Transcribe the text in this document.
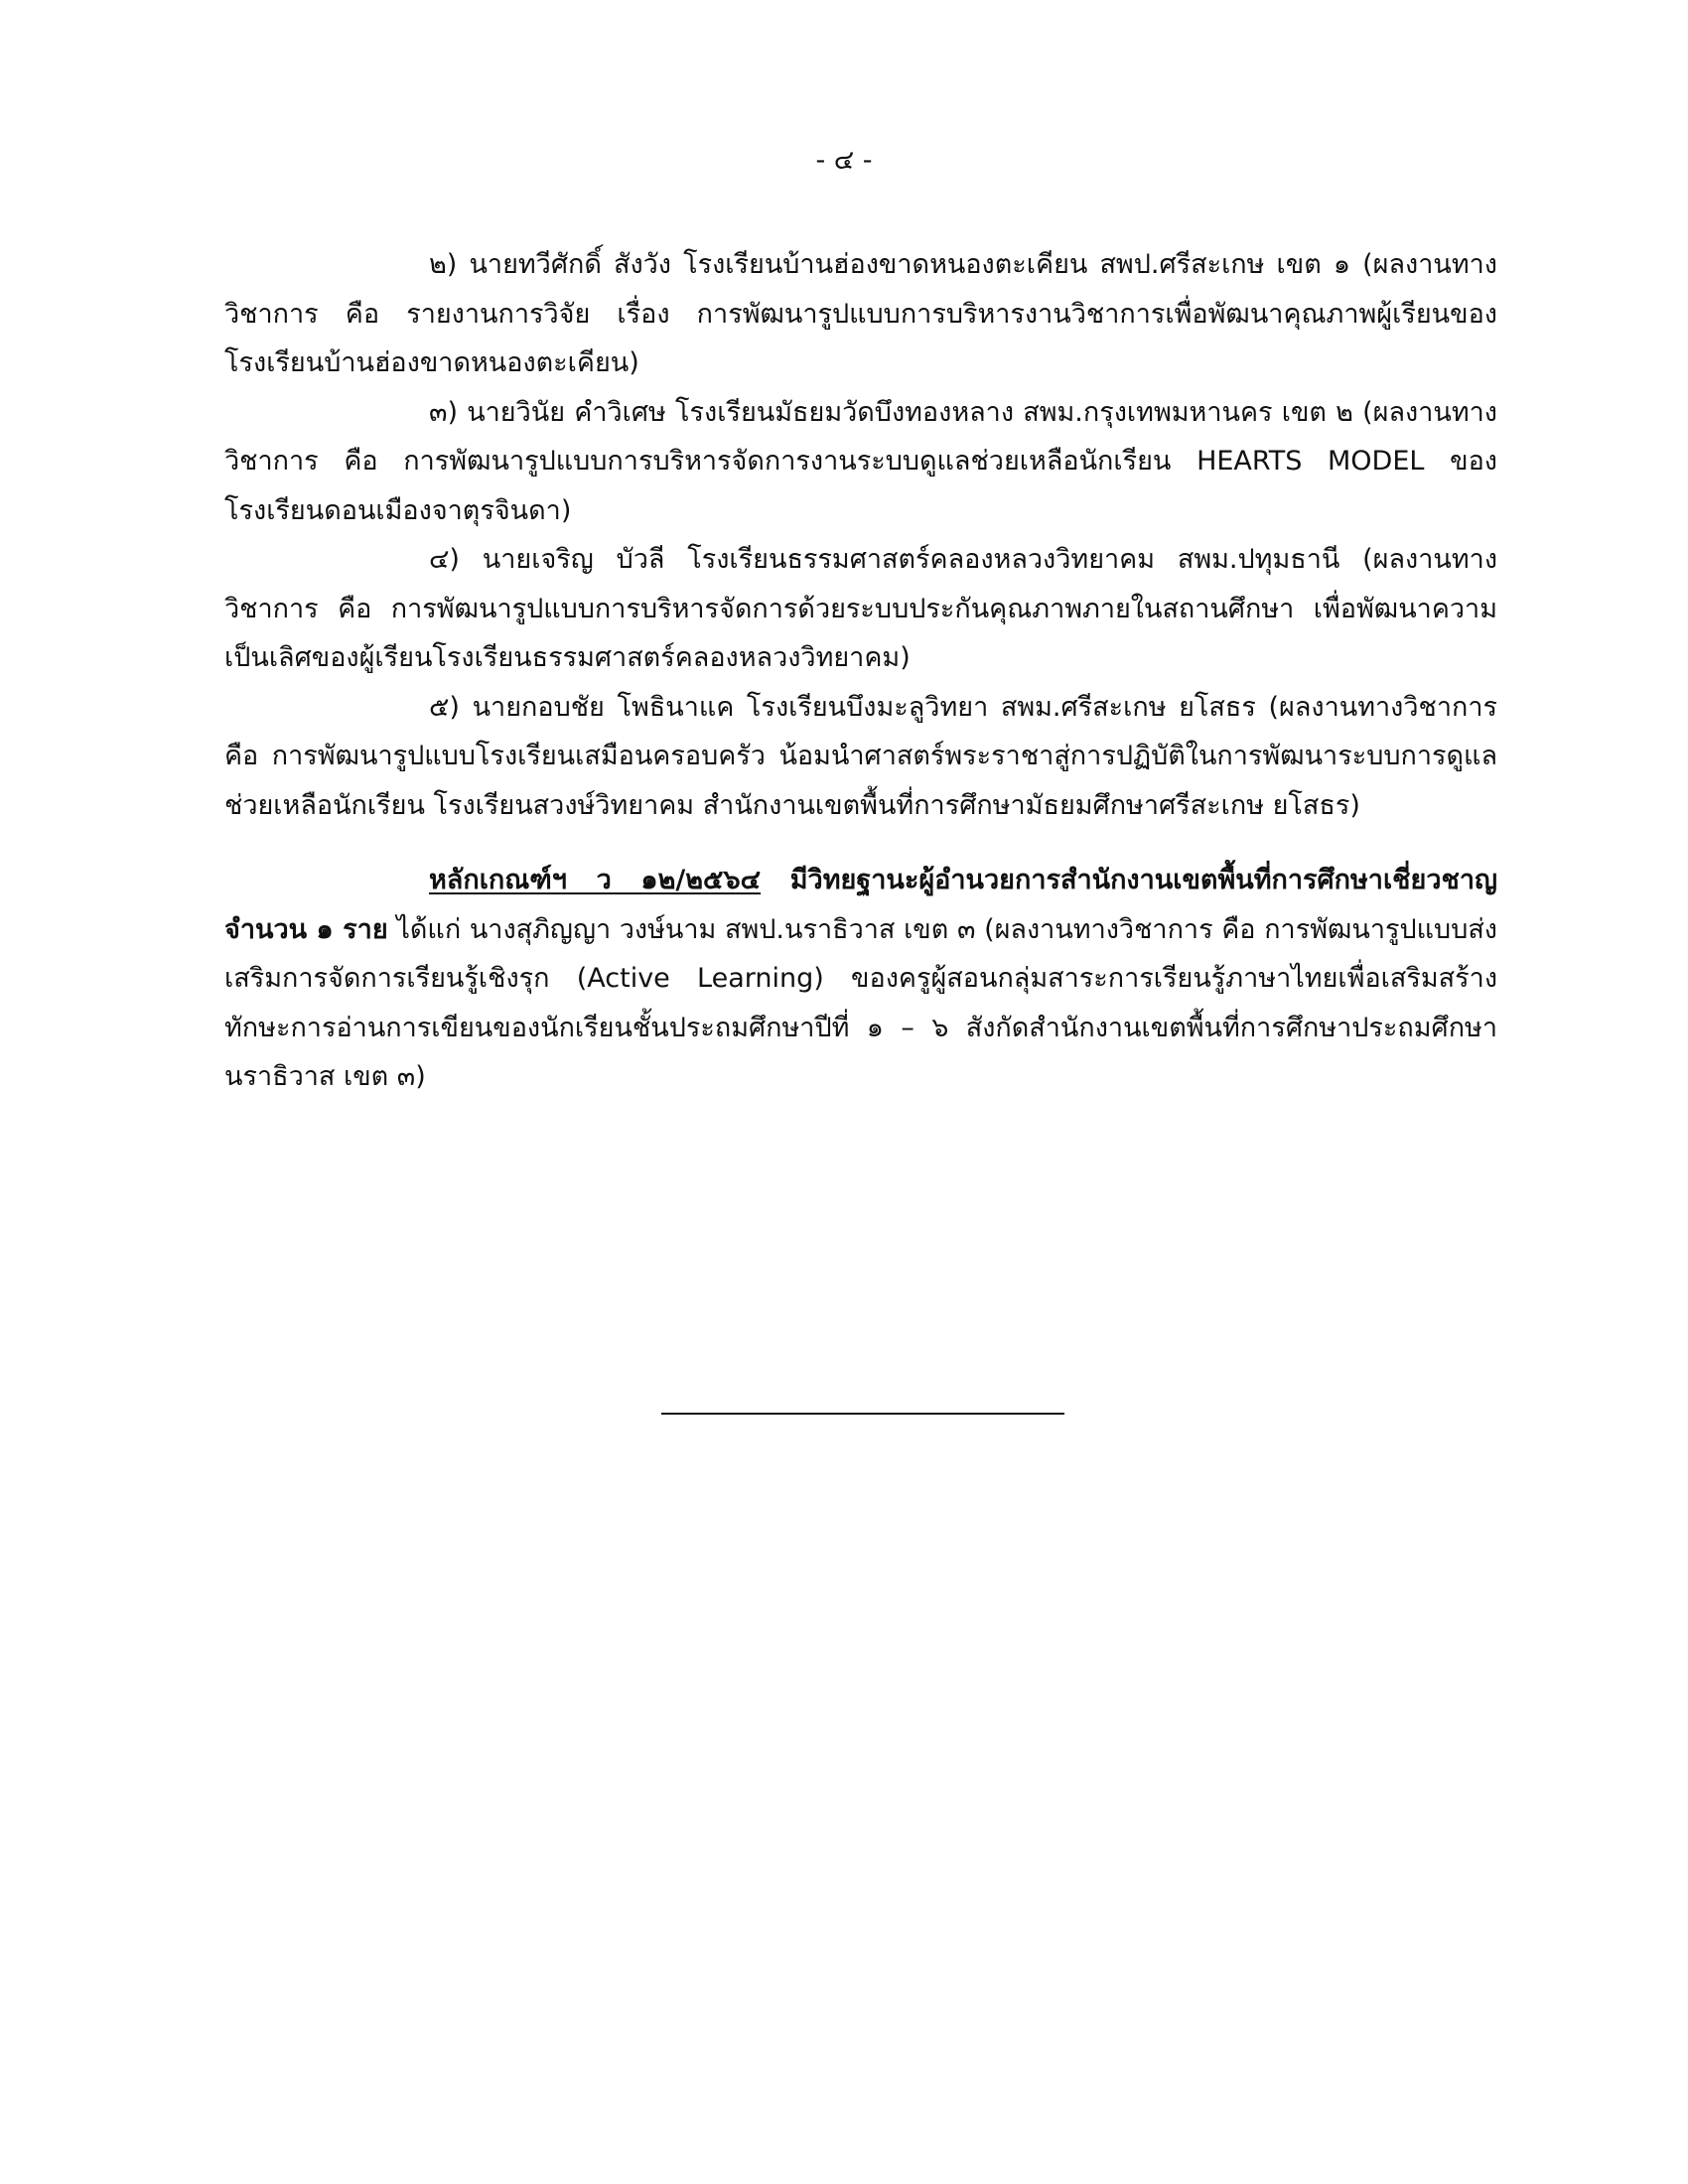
- ๔ -

๒) นายทวีศักดิ์ สังวัง โรงเรียนบ้านฮ่องขาดหนองตะเคียน สพป.ศรีสะเกษ เขต ๑ (ผลงานทางวิชาการ คือ รายงานการวิจัย เรื่อง การพัฒนารูปแบบการบริหารงานวิชาการเพื่อพัฒนาคุณภาพผู้เรียนของโรงเรียนบ้านฮ่องขาดหนองตะเคียน)

๓) นายวินัย คำวิเศษ โรงเรียนมัธยมวัดบึงทองหลาง สพม.กรุงเทพมหานคร เขต ๒ (ผลงานทางวิชาการ คือ การพัฒนารูปแบบการบริหารจัดการงานระบบดูแลช่วยเหลือนักเรียน HEARTS MODEL ของโรงเรียนดอนเมืองจาตุรจินดา)

๔) นายเจริญ บัวลี โรงเรียนธรรมศาสตร์คลองหลวงวิทยาคม สพม.ปทุมธานี (ผลงานทางวิชาการ คือ การพัฒนารูปแบบการบริหารจัดการด้วยระบบประกันคุณภาพภายในสถานศึกษา เพื่อพัฒนาความเป็นเลิศของผู้เรียนโรงเรียนธรรมศาสตร์คลองหลวงวิทยาคม)

๕) นายกอบชัย โพธินาแค โรงเรียนบึงมะลูวิทยา สพม.ศรีสะเกษ ยโสธร (ผลงานทางวิชาการ คือ การพัฒนารูปแบบโรงเรียนเสมือนครอบครัว น้อมนำศาสตร์พระราชาสู่การปฏิบัติในการพัฒนาระบบการดูแลช่วยเหลือนักเรียน โรงเรียนสวงษ์วิทยาคม สำนักงานเขตพื้นที่การศึกษามัธยมศึกษาศรีสะเกษ ยโสธร)

หลักเกณฑ์ฯ ว ๑๒/๒๕๖๔ มีวิทยฐานะผู้อำนวยการสำนักงานเขตพื้นที่การศึกษาเชี่ยวชาญ จำนวน ๑ ราย ได้แก่ นางสุภิญญา วงษ์นาม สพป.นราธิวาส เขต ๓ (ผลงานทางวิชาการ คือ การพัฒนารูปแบบส่งเสริมการจัดการเรียนรู้เชิงรุก (Active Learning) ของครูผู้สอนกลุ่มสาระการเรียนรู้ภาษาไทยเพื่อเสริมสร้างทักษะการอ่านการเขียนของนักเรียนชั้นประถมศึกษาปีที่ ๑ – ๖ สังกัดสำนักงานเขตพื้นที่การศึกษาประถมศึกษานราธิวาส เขต ๓)
